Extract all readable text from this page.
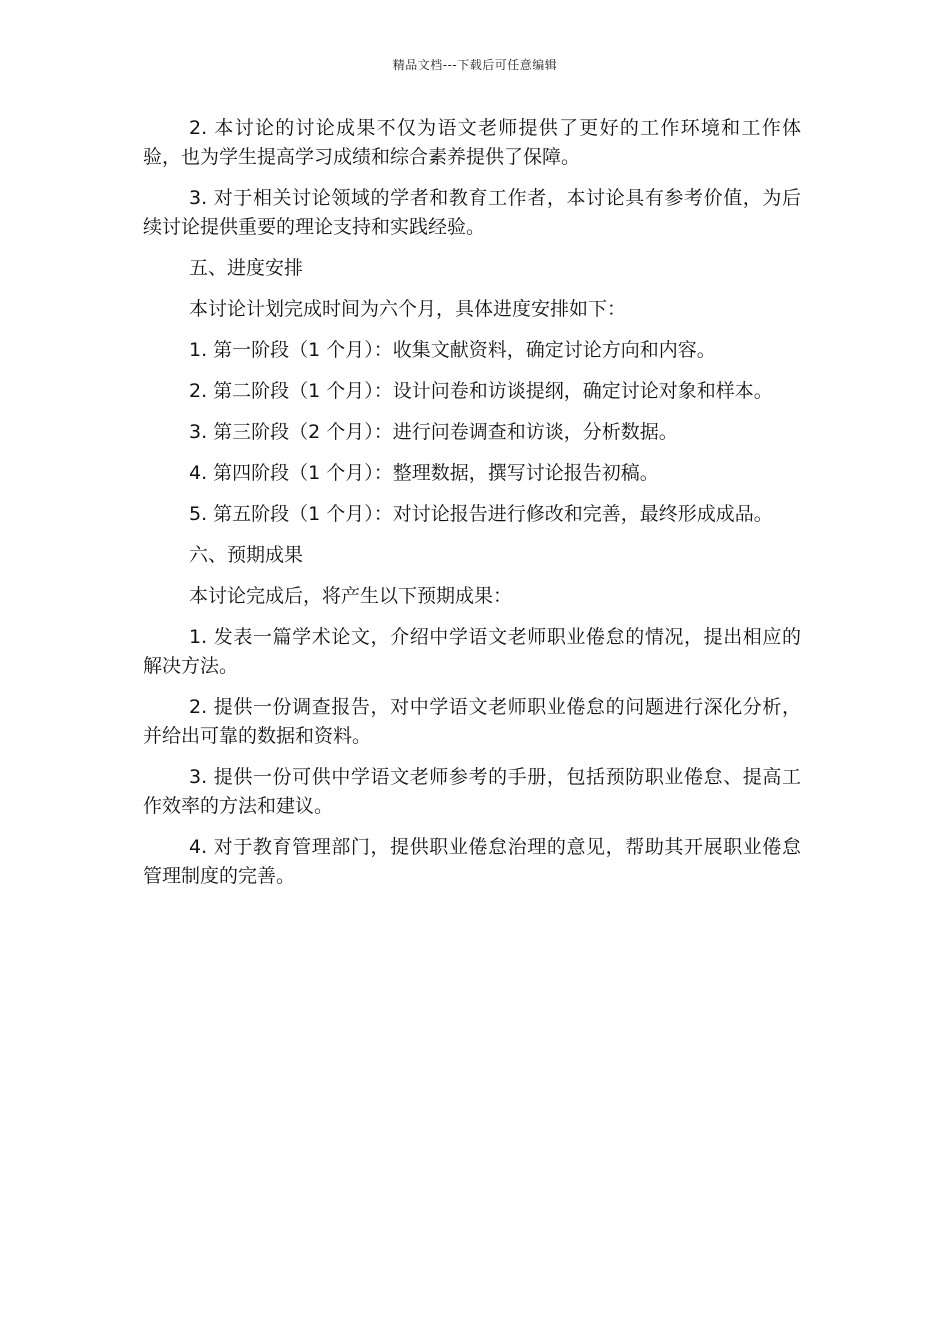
精品文档---下载后可任意编辑

2. 本讨论的讨论成果不仅为语文老师提供了更好的工作环境和工作体验，也为学生提高学习成绩和综合素养提供了保障。

3. 对于相关讨论领域的学者和教育工作者，本讨论具有参考价值，为后续讨论提供重要的理论支持和实践经验。

五、进度安排

本讨论计划完成时间为六个月，具体进度安排如下：

1. 第一阶段（1 个月）：收集文献资料，确定讨论方向和内容。

2. 第二阶段（1 个月）：设计问卷和访谈提纲，确定讨论对象和样本。

3. 第三阶段（2 个月）：进行问卷调查和访谈，分析数据。

4. 第四阶段（1 个月）：整理数据，撰写讨论报告初稿。

5. 第五阶段（1 个月）：对讨论报告进行修改和完善，最终形成成品。

六、预期成果

本讨论完成后，将产生以下预期成果：

1. 发表一篇学术论文，介绍中学语文老师职业倦怠的情况，提出相应的解决方法。

2. 提供一份调查报告，对中学语文老师职业倦怠的问题进行深化分析，并给出可靠的数据和资料。

3. 提供一份可供中学语文老师参考的手册，包括预防职业倦怠、提高工作效率的方法和建议。

4. 对于教育管理部门，提供职业倦怠治理的意见，帮助其开展职业倦怠管理制度的完善。
